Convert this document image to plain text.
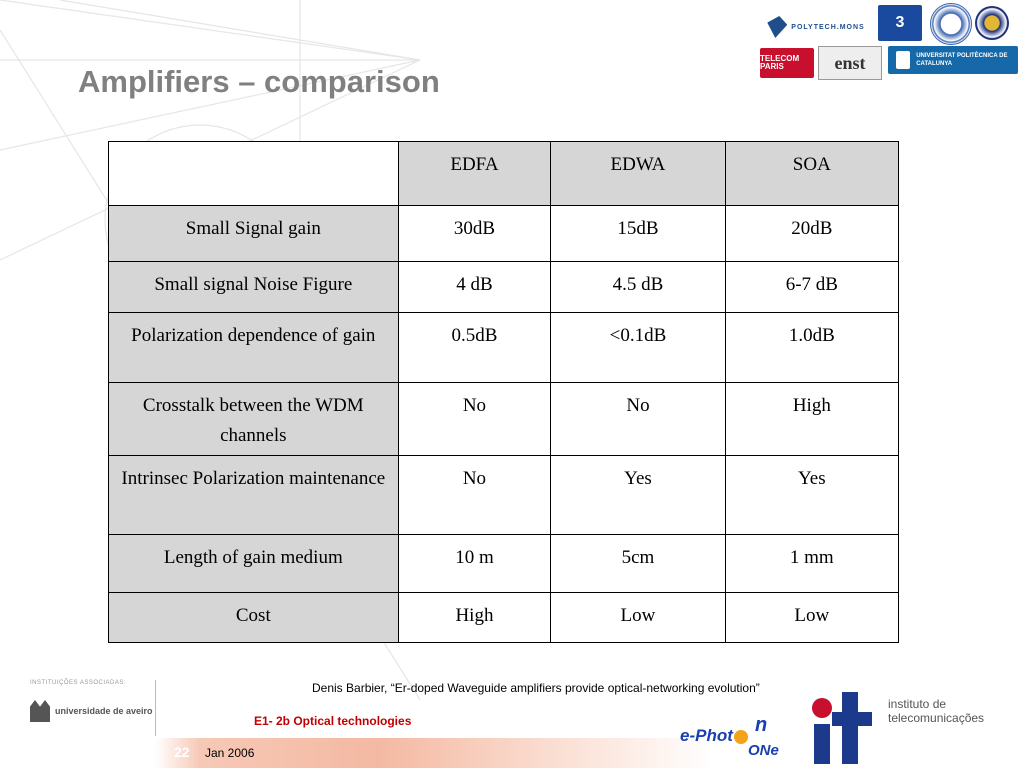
Amplifiers – comparison
POLYTECH.MONS 3
TELECOM PARIS	enst	UNIVERSITAT POLITÈCNICA DE CATALUNYA
	EDFA	EDWA	SOA
Small Signal gain	30dB	15dB	20dB
Small signal Noise Figure	4 dB	4.5 dB	6-7 dB
Polarization dependence of gain	0.5dB	<0.1dB	1.0dB
Crosstalk between the WDM channels	No	No	High
Intrinsec Polarization maintenance	No	Yes	Yes
Length of gain medium	10 m	5cm	1 mm
Cost	High	Low	Low
Denis Barbier, “Er-doped Waveguide amplifiers provide optical-networking evolution”
INSTITUIÇÕES ASSOCIADAS:
universidade de aveiro
E1- 2b Optical technologies
22 Jan 2006
e-Phot n
ONe
instituto de telecomunicações
